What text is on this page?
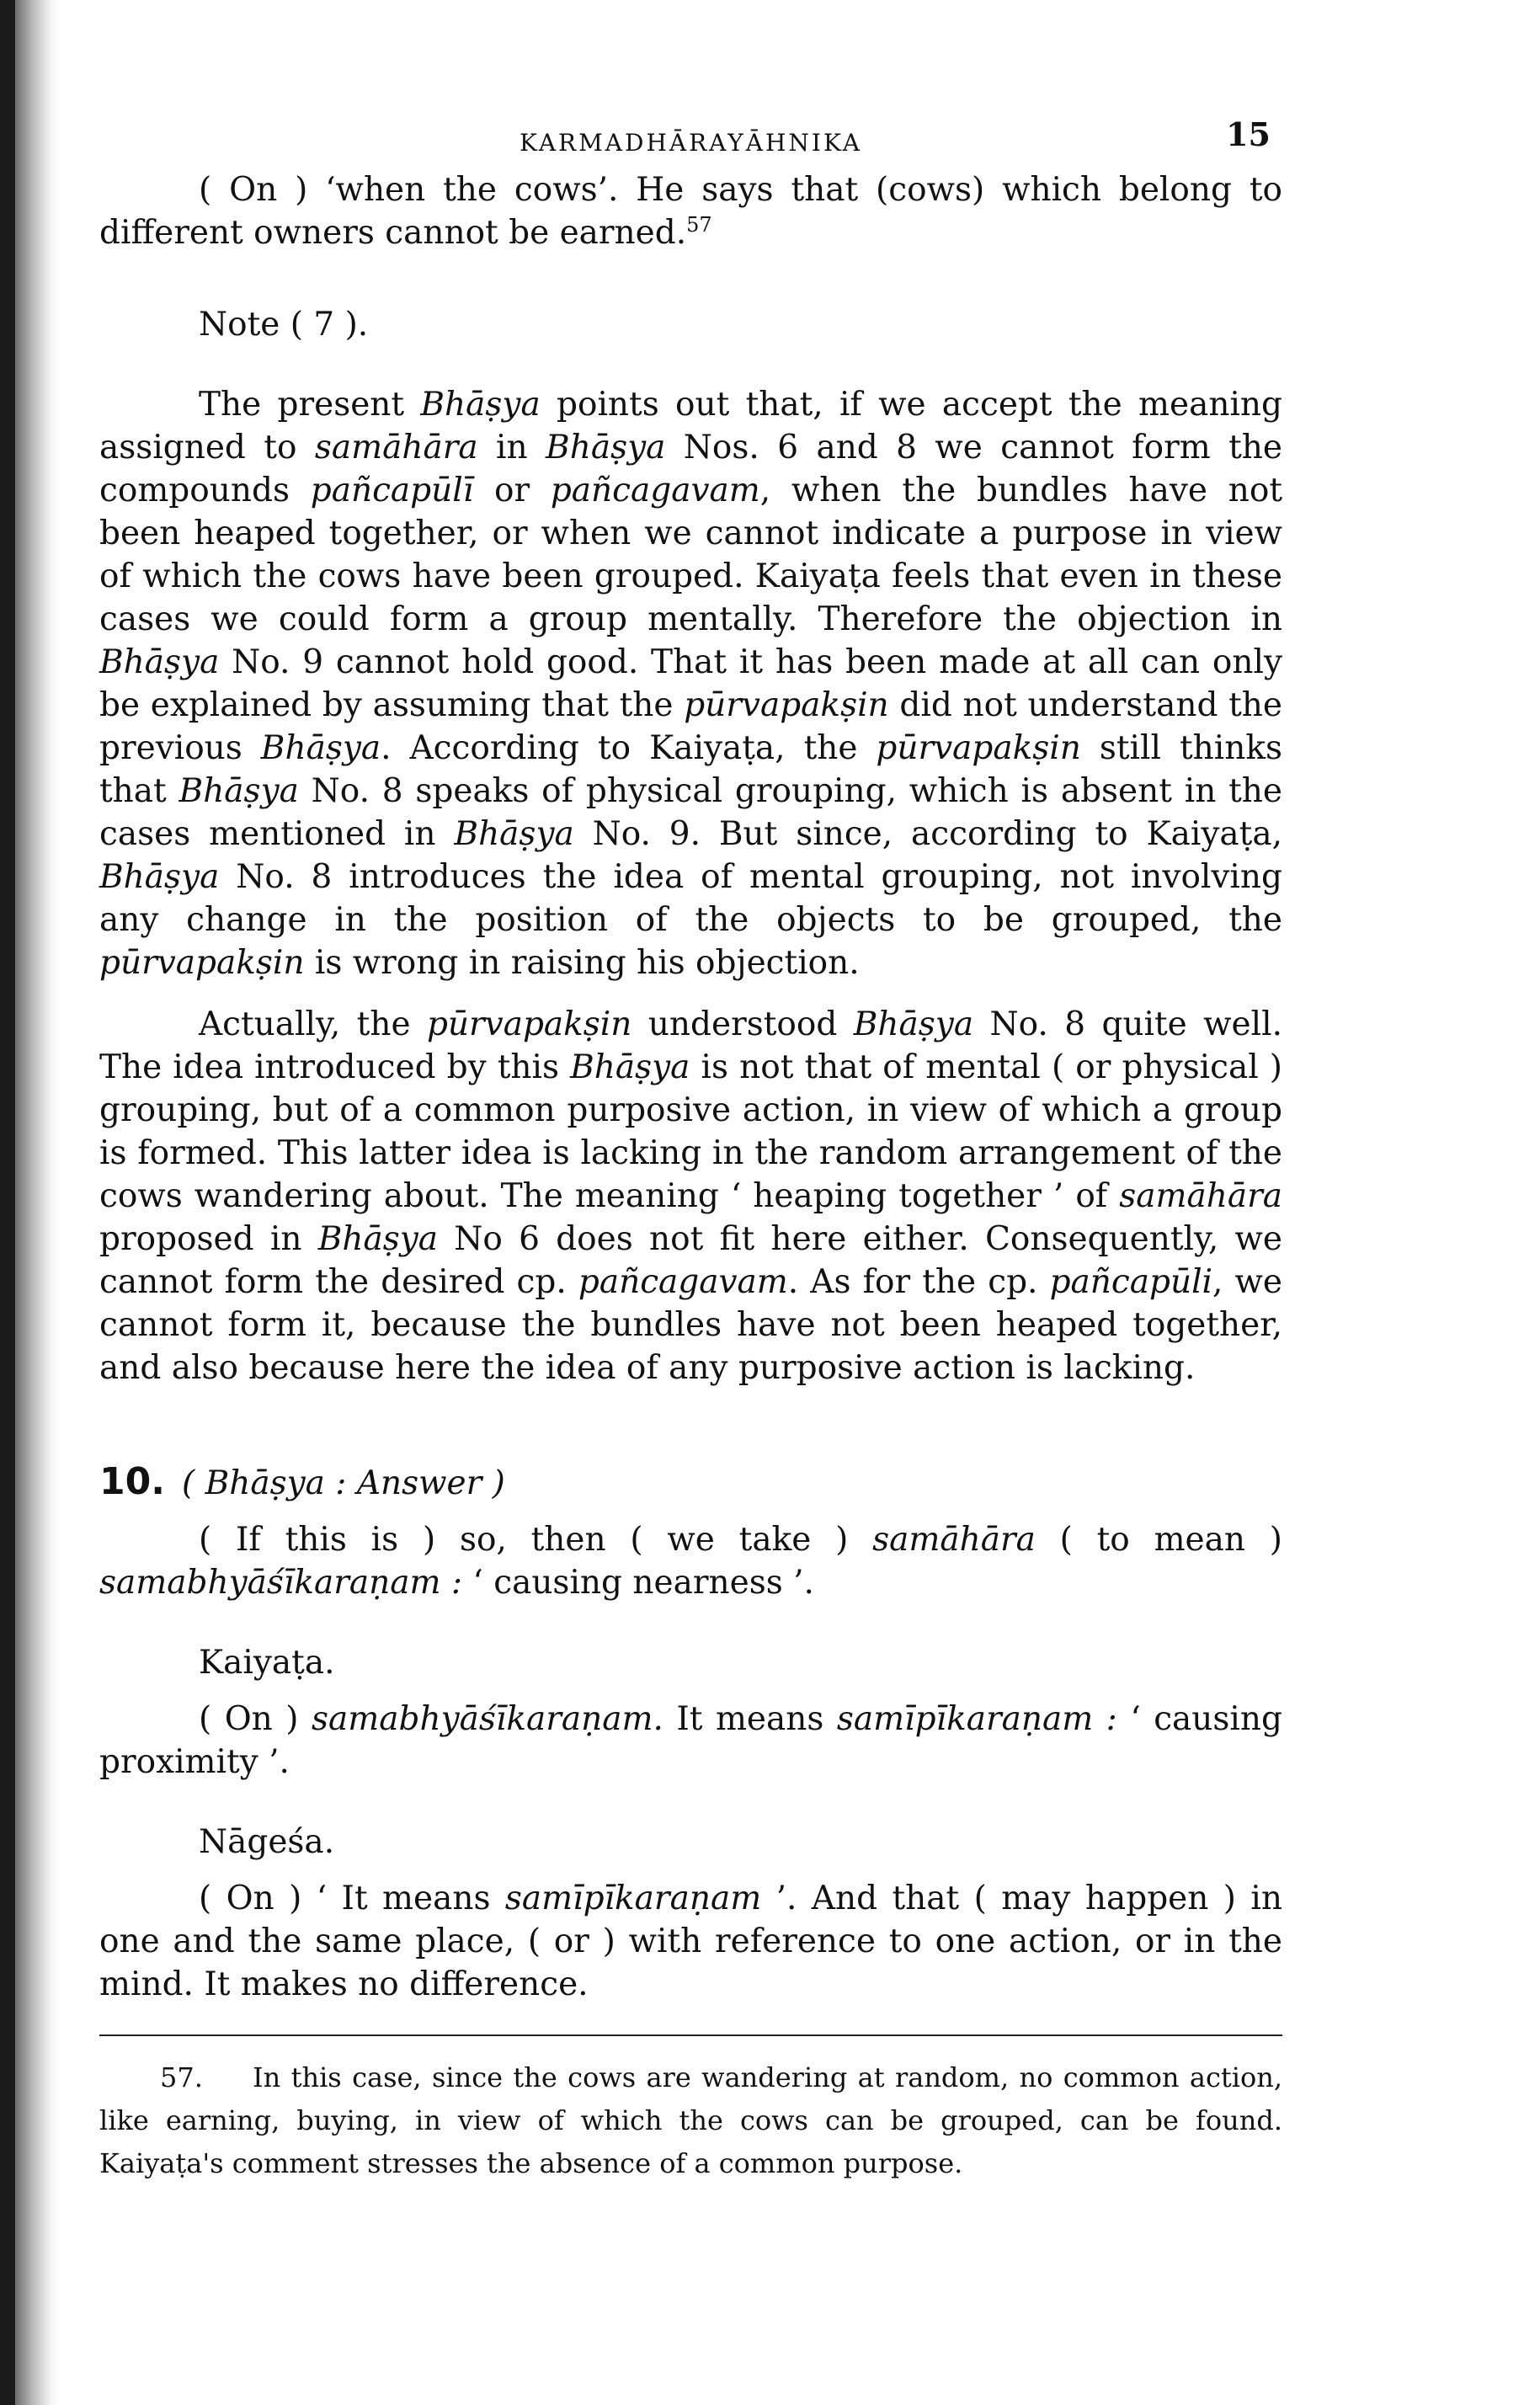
KARMADHĀRAYĀHNIKA	15

( On ) ‘when the cows’. He says that (cows) which belong to different owners cannot be earned.$^{57}$

Note ( 7 ).

The present Bhāṣya points out that, if we accept the meaning assigned to samāhāra in Bhāṣya Nos. 6 and 8 we cannot form the compounds pañcapūlī or pañcagavam, when the bundles have not been heaped together, or when we cannot indicate a purpose in view of which the cows have been grouped. Kaiyaṭa feels that even in these cases we could form a group mentally. Therefore the objection in Bhāṣya No. 9 cannot hold good. That it has been made at all can only be explained by assuming that the pūrvapakṣin did not understand the previous Bhāṣya. According to Kaiyaṭa, the pūrvapakṣin still thinks that Bhāṣya No. 8 speaks of physical grouping, which is absent in the cases mentioned in Bhāṣya No. 9. But since, according to Kaiyaṭa, Bhāṣya No. 8 introduces the idea of mental grouping, not involving any change in the position of the objects to be grouped, the pūrvapakṣin is wrong in raising his objection.

Actually, the pūrvapakṣin understood Bhāṣya No. 8 quite well. The idea introduced by this Bhāṣya is not that of mental ( or physical ) grouping, but of a common purposive action, in view of which a group is formed. This latter idea is lacking in the random arrangement of the cows wandering about. The meaning ‘ heaping together ’ of samāhāra proposed in Bhāṣya No 6 does not fit here either. Consequently, we cannot form the desired cp. pañcagavam. As for the cp. pañcapūli, we cannot form it, because the bundles have not been heaped together, and also because here the idea of any purposive action is lacking.

10. ( Bhāṣya : Answer )

( If this is ) so, then ( we take ) samāhāra ( to mean ) samabhyāśīkaraṇam : ‘ causing nearness ’.

Kaiyaṭa.

( On ) samabhyāśīkaraṇam. It means samīpīkaraṇam : ‘ causing proximity ’.

Nāgeśa.

( On ) ‘ It means samīpīkaraṇam ’. And that ( may happen ) in one and the same place, ( or ) with reference to one action, or in the mind. It makes no difference.

57. In this case, since the cows are wandering at random, no common action, like earning, buying, in view of which the cows can be grouped, can be found. Kaiyaṭa's comment stresses the absence of a common purpose.
